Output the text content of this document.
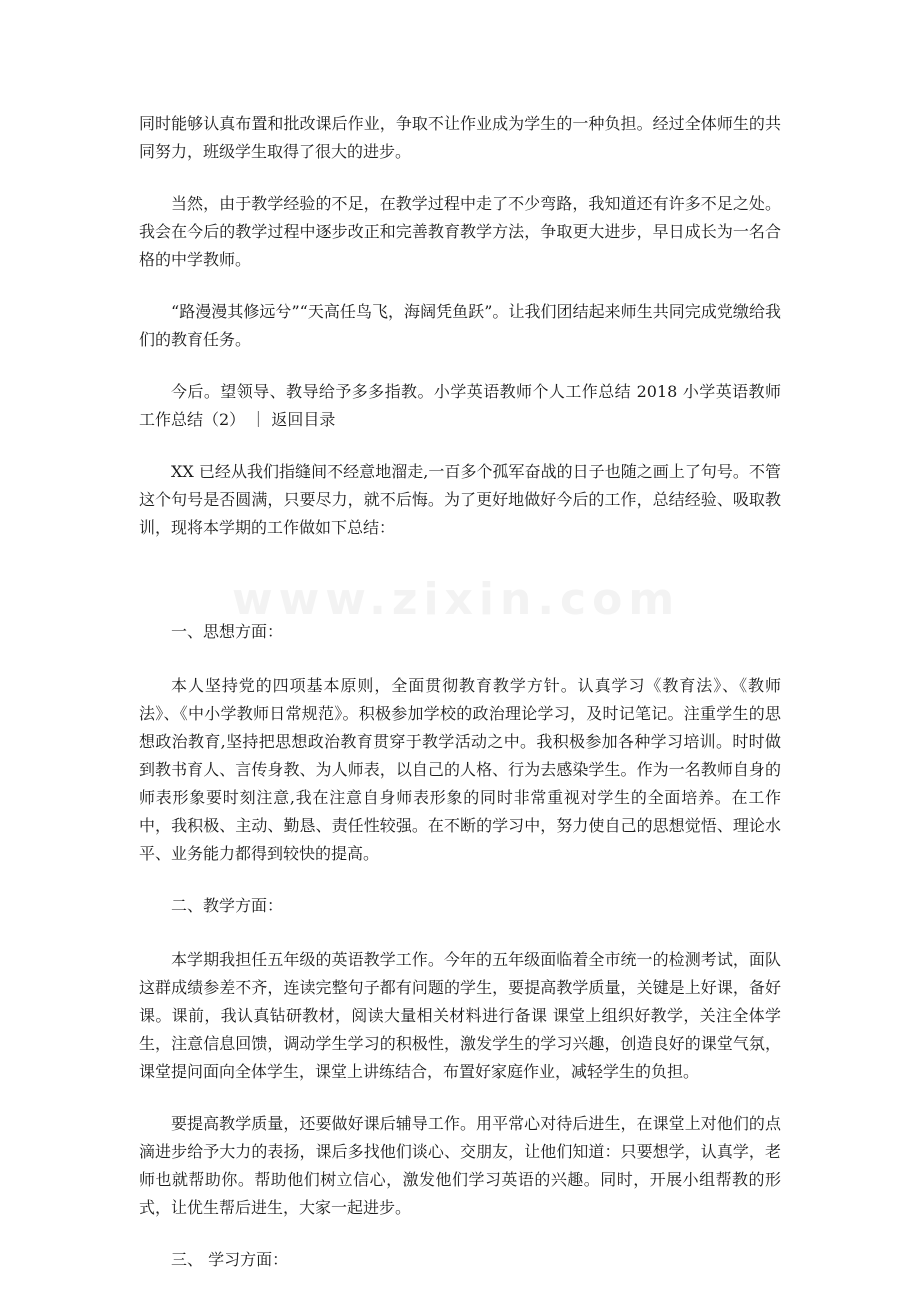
www.zixin.com

同时能够认真布置和批改课后作业，争取不让作业成为学生的一种负担。经过全体师生的共同努力，班级学生取得了很大的进步。

当然，由于教学经验的不足，在教学过程中走了不少弯路，我知道还有许多不足之处。我会在今后的教学过程中逐步改正和完善教育教学方法，争取更大进步，早日成长为一名合格的中学教师。

“路漫漫其修远兮”“天高任鸟飞，海阔凭鱼跃”。让我们团结起来师生共同完成党缴给我们的教育任务。

今后。望领导、教导给予多多指教。小学英语教师个人工作总结 2018 小学英语教师工作总结（2） ｜ 返回目录

XX 已经从我们指缝间不经意地溜走,一百多个孤军奋战的日子也随之画上了句号。不管这个句号是否圆满，只要尽力，就不后悔。为了更好地做好今后的工作，总结经验、吸取教训，现将本学期的工作做如下总结：

一、思想方面：

本人坚持党的四项基本原则，全面贯彻教育教学方针。认真学习《教育法》、《教师法》、《中小学教师日常规范》。积极参加学校的政治理论学习，及时记笔记。注重学生的思想政治教育,坚持把思想政治教育贯穿于教学活动之中。我积极参加各种学习培训。时时做到教书育人、言传身教、为人师表，以自己的人格、行为去感染学生。作为一名教师自身的师表形象要时刻注意,我在注意自身师表形象的同时非常重视对学生的全面培养。在工作中，我积极、主动、勤恳、责任性较强。在不断的学习中，努力使自己的思想觉悟、理论水平、业务能力都得到较快的提高。

二、教学方面：

本学期我担任五年级的英语教学工作。今年的五年级面临着全市统一的检测考试，面队这群成绩参差不齐，连读完整句子都有问题的学生，要提高教学质量，关键是上好课，备好课。课前，我认真钻研教材，阅读大量相关材料进行备课 课堂上组织好教学，关注全体学生，注意信息回馈，调动学生学习的积极性，激发学生的学习兴趣，创造良好的课堂气氛，课堂提问面向全体学生，课堂上讲练结合，布置好家庭作业，减轻学生的负担。

要提高教学质量，还要做好课后辅导工作。用平常心对待后进生，在课堂上对他们的点滴进步给予大力的表扬，课后多找他们谈心、交朋友，让他们知道：只要想学，认真学，老师也就帮助你。帮助他们树立信心，激发他们学习英语的兴趣。同时，开展小组帮教的形式，让优生帮后进生，大家一起进步。

三、 学习方面：
